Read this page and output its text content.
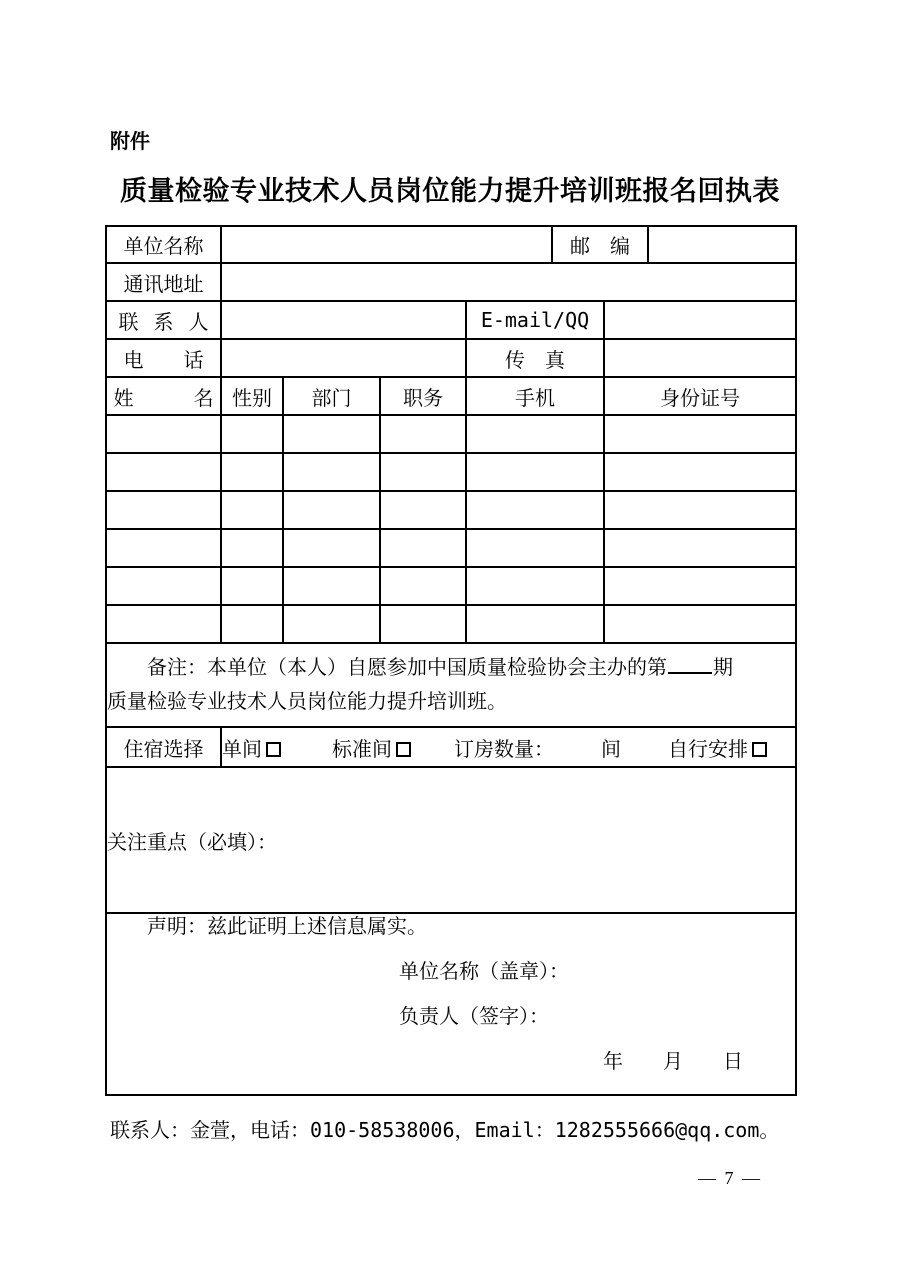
附件
质量检验专业技术人员岗位能力提升培训班报名回执表
单位名称					邮　编		
通讯地址							
联   系   人				E-mail/QQ			
电　　话				传　真			
姓　　　名	性别	部门	职务	手机		身份证号	

备注：本单位（本人）自愿参加中国质量检验协会主办的第 期
质量检验专业技术人员岗位能力提升培训班。							

住宿选择	单间 标准间 订房数量： 间 自行安排						
关注重点（必填）：							

声明：兹此证明上述信息属实。
单位名称（盖章）：
负责人（签字）：
年　　月　　日							
联系人：金萱，电话：010-58538006，Email：1282555666@qq.com。
— 7 —
